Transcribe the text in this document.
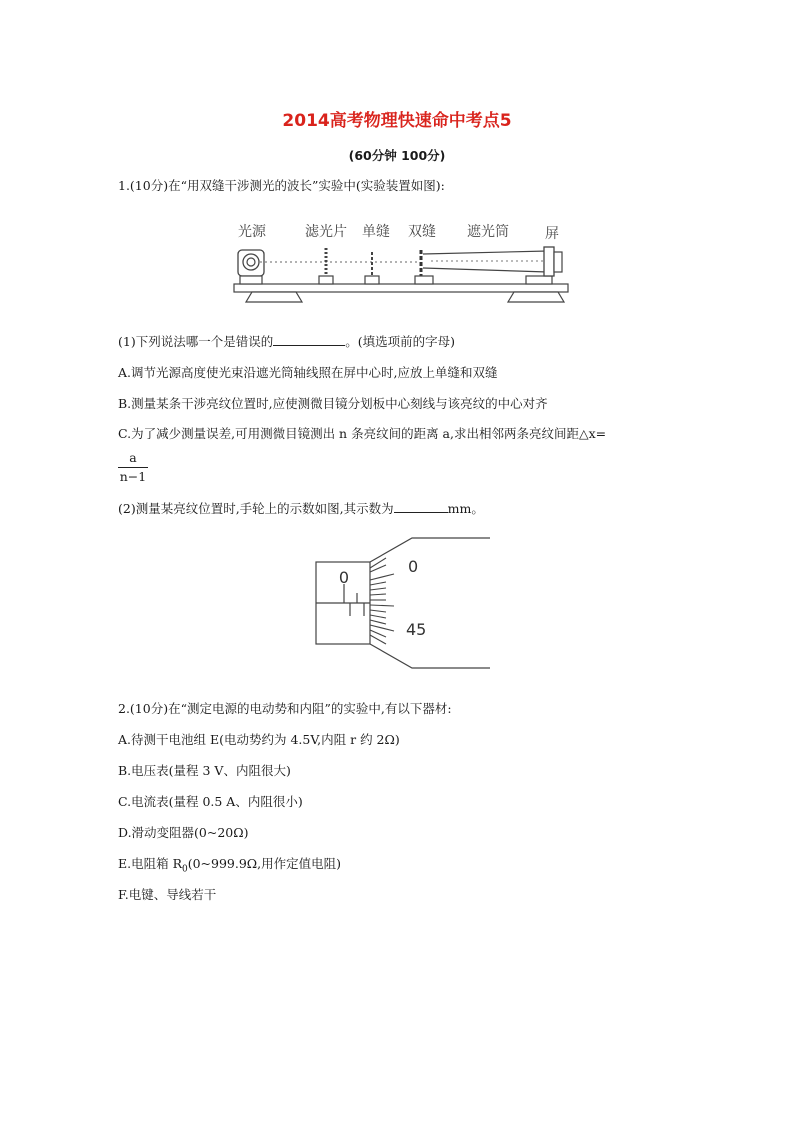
2014高考物理快速命中考点5
(60分钟 100分)
1.(10分)在“用双缝干涉测光的波长”实验中(实验装置如图):
光源	滤光片 单缝 双缝 遮光筒	屏
(1)下列说法哪一个是错误的	。(填选项前的字母)
A.调节光源高度使光束沿遮光筒轴线照在屏中心时,应放上单缝和双缝
B.测量某条干涉亮纹位置时,应使测微目镜分划板中心刻线与该亮纹的中心对齐
C.为了减少测量误差,可用测微目镜测出 n 条亮纹间的距离 a,求出相邻两条亮纹间距△x=
a
n−1
(2)测量某亮纹位置时,手轮上的示数如图,其示数为	mm。
0
0
45
2.(10分)在“测定电源的电动势和内阻”的实验中,有以下器材:
A.待测干电池组 E(电动势约为 4.5V,内阻 r 约 2Ω)
B.电压表(量程 3 V、内阻很大)
C.电流表(量程 0.5 A、内阻很小)
D.滑动变阻器(0~20Ω)
E.电阻箱 $R_0(0\sim 999.9\Omega$,用作定值电阻)
F.电键、导线若干
